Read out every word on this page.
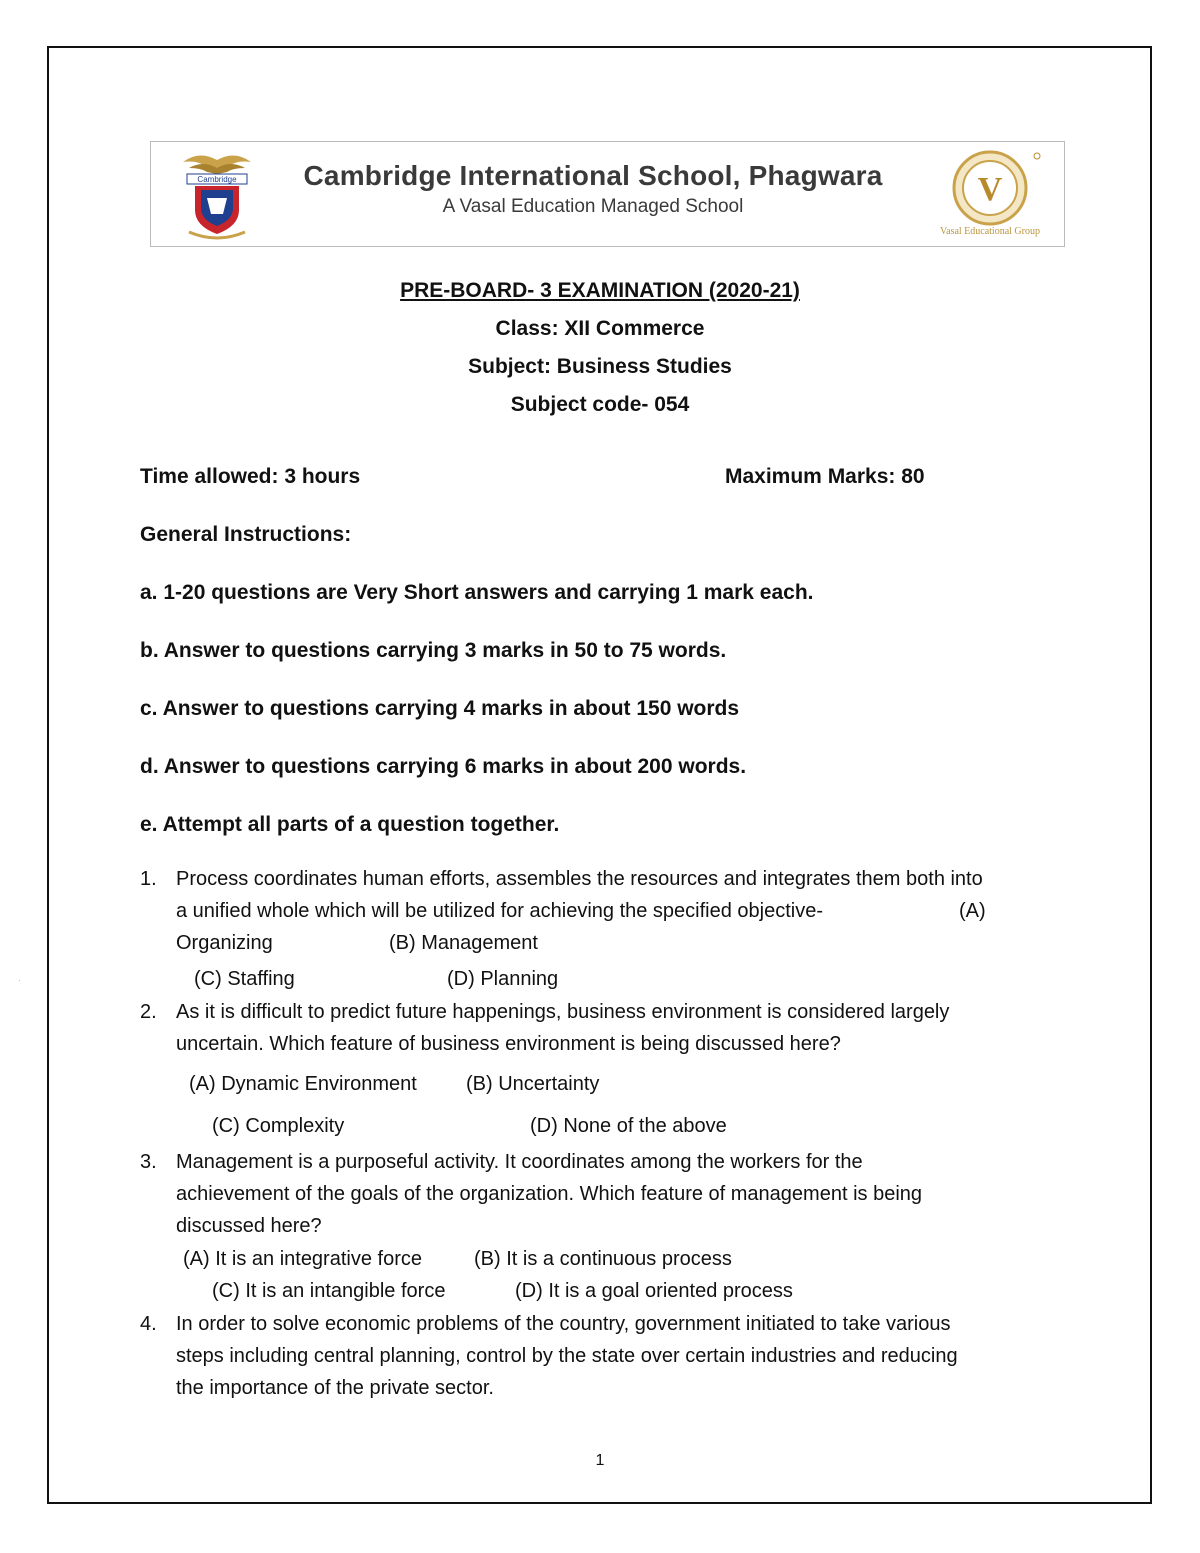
·
Cambridge	Cambridge International School, Phagwara
A Vasal Education Managed School	V
Vasal Educational Group
PRE-BOARD- 3 EXAMINATION (2020-21)
Class: XII Commerce
Subject: Business Studies
Subject code- 054
Time allowed: 3 hours	Maximum Marks: 80
General Instructions:
a. 1-20 questions are Very Short answers and carrying 1 mark each.
b. Answer to questions carrying 3 marks in 50 to 75 words.
c. Answer to questions carrying 4 marks in about 150 words
d. Answer to questions carrying 6 marks in about 200 words.
e. Attempt all parts of a question together.
1. Process coordinates human efforts, assembles the resources and integrates them both into
a unified whole which will be utilized for achieving the specified objective-	(A)
Organizing	(B) Management
(C) Staffing	(D) Planning
2. As it is difficult to predict future happenings, business environment is considered largely
uncertain. Which feature of business environment is being discussed here?
(A) Dynamic Environment (B) Uncertainty
(C) Complexity	(D) None of the above
3. Management is a purposeful activity. It coordinates among the workers for the
achievement of the goals of the organization. Which feature of management is being
discussed here?
(A) It is an integrative force	(B) It is a continuous process
(C) It is an intangible force	(D) It is a goal oriented process
4. In order to solve economic problems of the country, government initiated to take various
steps including central planning, control by the state over certain industries and reducing
the importance of the private sector.
1
